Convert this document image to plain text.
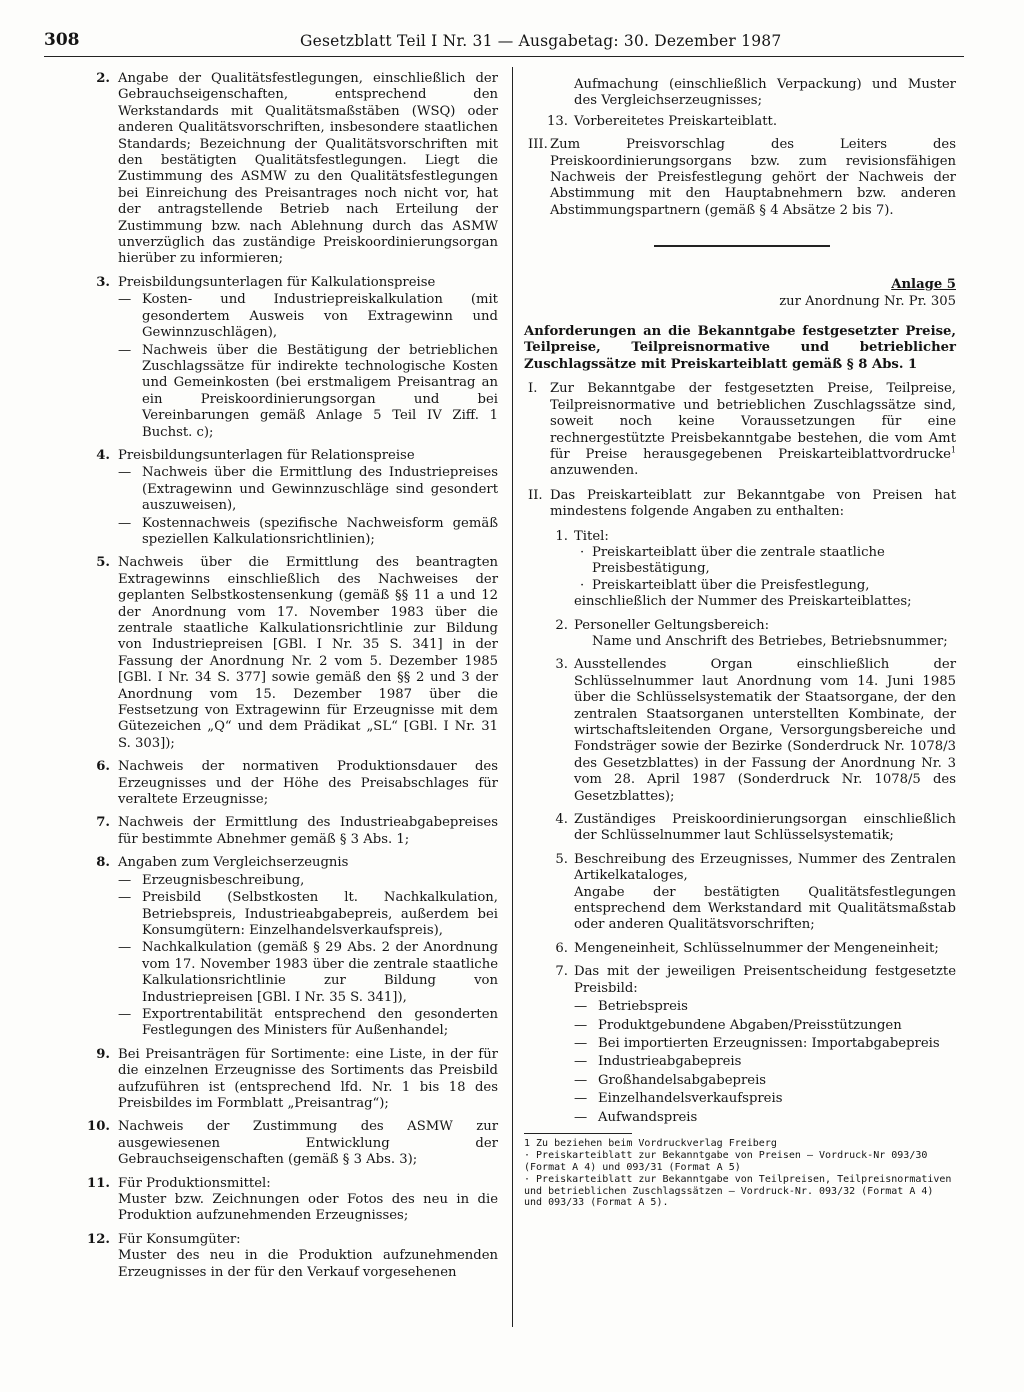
308	Gesetzblatt Teil I Nr. 31 — Ausgabetag: 30. Dezember 1987
2. Angabe der Qualitätsfestlegungen, einschließlich der Gebrauchseigenschaften, entsprechend den Werkstandards mit Qualitätsmaßstäben (WSQ) oder anderen Qualitätsvorschriften, insbesondere staatlichen Standards; Bezeichnung der Qualitätsvorschriften mit den bestätigten Qualitätsfestlegungen. Liegt die Zustimmung des ASMW zu den Qualitätsfestlegungen bei Einreichung des Preisantrages noch nicht vor, hat der antragstellende Betrieb nach Erteilung der Zustimmung bzw. nach Ablehnung durch das ASMW unverzüglich das zuständige Preiskoordinierungsorgan hierüber zu informieren;

3. Preisbildungsunterlagen für Kalkulationspreise

— Kosten- und Industriepreiskalkulation (mit gesondertem Ausweis von Extragewinn und Gewinnzuschlägen),

— Nachweis über die Bestätigung der betrieblichen Zuschlagssätze für indirekte technologische Kosten und Gemeinkosten (bei erstmaligem Preisantrag an ein Preiskoordinierungsorgan und bei Vereinbarungen gemäß Anlage 5 Teil IV Ziff. 1 Buchst. c);

4. Preisbildungsunterlagen für Relationspreise

— Nachweis über die Ermittlung des Industriepreises (Extragewinn und Gewinnzuschläge sind gesondert auszuweisen),

— Kostennachweis (spezifische Nachweisform gemäß speziellen Kalkulationsrichtlinien);

5. Nachweis über die Ermittlung des beantragten Extragewinns einschließlich des Nachweises der geplanten Selbstkostensenkung (gemäß §§ 11 a und 12 der Anordnung vom 17. November 1983 über die zentrale staatliche Kalkulationsrichtlinie zur Bildung von Industriepreisen [GBl. I Nr. 35 S. 341] in der Fassung der Anordnung Nr. 2 vom 5. Dezember 1985 [GBl. I Nr. 34 S. 377] sowie gemäß den §§ 2 und 3 der Anordnung vom 15. Dezember 1987 über die Festsetzung von Extragewinn für Erzeugnisse mit dem Gütezeichen „Q“ und dem Prädikat „SL“ [GBl. I Nr. 31 S. 303]);

6. Nachweis der normativen Produktionsdauer des Erzeugnisses und der Höhe des Preisabschlages für veraltete Erzeugnisse;

7. Nachweis der Ermittlung des Industrieabgabepreises für bestimmte Abnehmer gemäß § 3 Abs. 1;

8. Angaben zum Vergleichserzeugnis

— Erzeugnisbeschreibung,

— Preisbild (Selbstkosten lt. Nachkalkulation, Betriebspreis, Industrieabgabepreis, außerdem bei Konsumgütern: Einzelhandelsverkaufspreis),

— Nachkalkulation (gemäß § 29 Abs. 2 der Anordnung vom 17. November 1983 über die zentrale staatliche Kalkulationsrichtlinie zur Bildung von Industriepreisen [GBl. I Nr. 35 S. 341]),

— Exportrentabilität entsprechend den gesonderten Festlegungen des Ministers für Außenhandel;

9. Bei Preisanträgen für Sortimente: eine Liste, in der für die einzelnen Erzeugnisse des Sortiments das Preisbild aufzuführen ist (entsprechend lfd. Nr. 1 bis 18 des Preisbildes im Formblatt „Preisantrag“);

10. Nachweis der Zustimmung des ASMW zur ausgewiesenen Entwicklung der Gebrauchseigenschaften (gemäß § 3 Abs. 3);

11. Für Produktionsmittel:

Muster bzw. Zeichnungen oder Fotos des neu in die Produktion aufzunehmenden Erzeugnisses;

12. Für Konsumgüter:

Muster des neu in die Produktion aufzunehmenden Erzeugnisses in der für den Verkauf vorgesehenen

Aufmachung (einschließlich Verpackung) und Muster des Vergleichserzeugnisses;

13. Vorbereitetes Preiskarteiblatt.

III. Zum Preisvorschlag des Leiters des Preiskoordinierungsorgans bzw. zum revisionsfähigen Nachweis der Preisfestlegung gehört der Nachweis der Abstimmung mit den Hauptabnehmern bzw. anderen Abstimmungspartnern (gemäß § 4 Absätze 2 bis 7).

Anlage 5

zur Anordnung Nr. Pr. 305

Anforderungen an die Bekanntgabe festgesetzter Preise, Teilpreise, Teilpreisnormative und betrieblicher Zuschlagssätze mit Preiskarteiblatt gemäß § 8 Abs. 1

I. Zur Bekanntgabe der festgesetzten Preise, Teilpreise, Teilpreisnormative und betrieblichen Zuschlagssätze sind, soweit noch keine Voraussetzungen für eine rechnergestützte Preisbekanntgabe bestehen, die vom Amt für Preise herausgegebenen Preiskarteiblattvordrucke$^1$ anzuwenden.

II. Das Preiskarteiblatt zur Bekanntgabe von Preisen hat mindestens folgende Angaben zu enthalten:

1. Titel:

· Preiskarteiblatt über die zentrale staatliche Preisbestätigung,

· Preiskarteiblatt über die Preisfestlegung,

einschließlich der Nummer des Preiskarteiblattes;

2. Personeller Geltungsbereich:

Name und Anschrift des Betriebes, Betriebsnummer;

3. Ausstellendes Organ einschließlich der Schlüsselnummer laut Anordnung vom 14. Juni 1985 über die Schlüsselsystematik der Staatsorgane, der den zentralen Staatsorganen unterstellten Kombinate, der wirtschaftsleitenden Organe, Versorgungsbereiche und Fondsträger sowie der Bezirke (Sonderdruck Nr. 1078/3 des Gesetzblattes) in der Fassung der Anordnung Nr. 3 vom 28. April 1987 (Sonderdruck Nr. 1078/5 des Gesetzblattes);

4. Zuständiges Preiskoordinierungsorgan einschließlich der Schlüsselnummer laut Schlüsselsystematik;

5. Beschreibung des Erzeugnisses, Nummer des Zentralen Artikelkataloges,

Angabe der bestätigten Qualitätsfestlegungen entsprechend dem Werkstandard mit Qualitätsmaßstab oder anderen Qualitätsvorschriften;

6. Mengeneinheit, Schlüsselnummer der Mengeneinheit;

7. Das mit der jeweiligen Preisentscheidung festgesetzte Preisbild:

— Betriebspreis

— Produktgebundene Abgaben/Preisstützungen

— Bei importierten Erzeugnissen: Importabgabepreis

— Industrieabgabepreis

— Großhandelsabgabepreis

— Einzelhandelsverkaufspreis

— Aufwandspreis

1 Zu beziehen beim Vordruckverlag Freiberg

· Preiskarteiblatt zur Bekanntgabe von Preisen — Vordruck-Nr 093/30 (Format A 4) und 093/31 (Format A 5)

· Preiskarteiblatt zur Bekanntgabe von Teilpreisen, Teilpreisnormativen und betrieblichen Zuschlagssätzen — Vordruck-Nr. 093/32 (Format A 4) und 093/33 (Format A 5).
